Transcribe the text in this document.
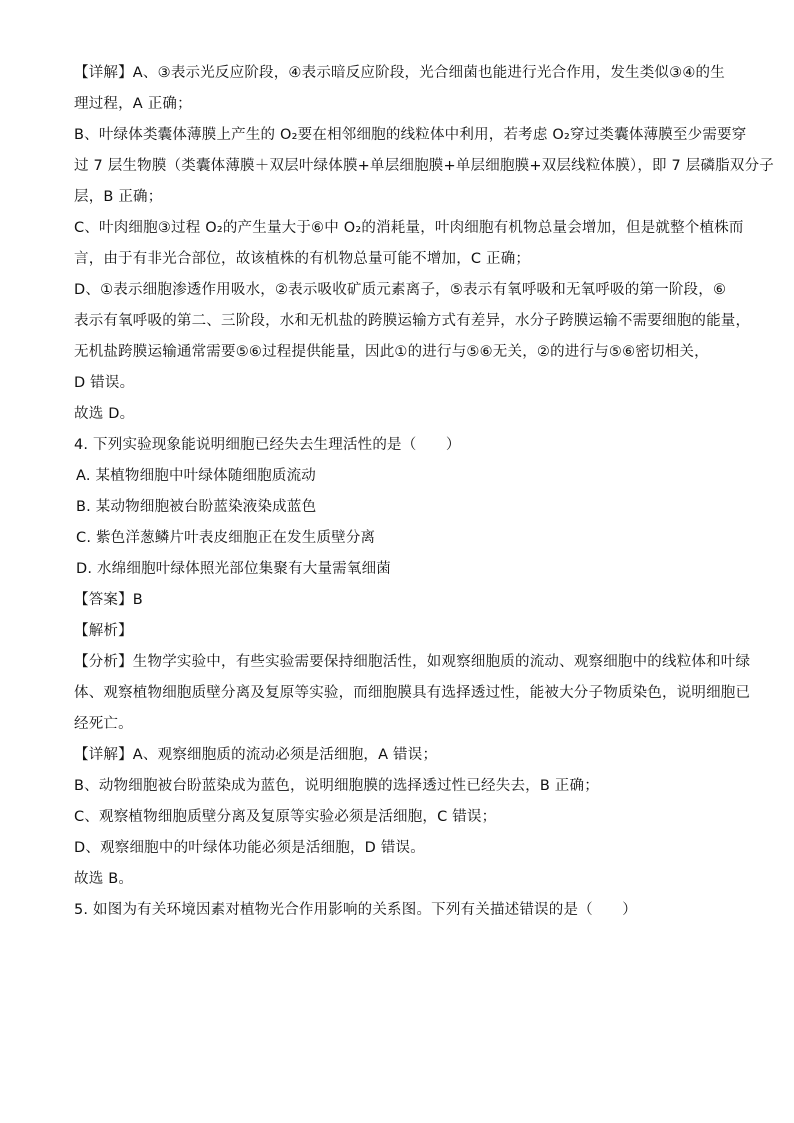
【详解】A、③表示光反应阶段，④表示暗反应阶段，光合细菌也能进行光合作用，发生类似③④的生
理过程，A 正确；
B、叶绿体类囊体薄膜上产生的 O₂要在相邻细胞的线粒体中利用，若考虑 O₂穿过类囊体薄膜至少需要穿
过 7 层生物膜（类囊体薄膜＋双层叶绿体膜+单层细胞膜+单层细胞膜+双层线粒体膜），即 7 层磷脂双分子
层，B 正确；
C、叶肉细胞③过程 O₂的产生量大于⑥中 O₂的消耗量，叶肉细胞有机物总量会增加，但是就整个植株而
言，由于有非光合部位，故该植株的有机物总量可能不增加，C 正确；
D、①表示细胞渗透作用吸水，②表示吸收矿质元素离子，⑤表示有氧呼吸和无氧呼吸的第一阶段，⑥
表示有氧呼吸的第二、三阶段，水和无机盐的跨膜运输方式有差异，水分子跨膜运输不需要细胞的能量，
无机盐跨膜运输通常需要⑤⑥过程提供能量，因此①的进行与⑤⑥无关，②的进行与⑤⑥密切相关，
D 错误。
故选 D。
4. 下列实验现象能说明细胞已经失去生理活性的是（　　）
A. 某植物细胞中叶绿体随细胞质流动
B. 某动物细胞被台盼蓝染液染成蓝色
C. 紫色洋葱鳞片叶表皮细胞正在发生质壁分离
D. 水绵细胞叶绿体照光部位集聚有大量需氧细菌
【答案】B
【解析】
【分析】生物学实验中，有些实验需要保持细胞活性，如观察细胞质的流动、观察细胞中的线粒体和叶绿
体、观察植物细胞质壁分离及复原等实验，而细胞膜具有选择透过性，能被大分子物质染色，说明细胞已
经死亡。
【详解】A、观察细胞质的流动必须是活细胞，A 错误；
B、动物细胞被台盼蓝染成为蓝色，说明细胞膜的选择透过性已经失去，B 正确；
C、观察植物细胞质壁分离及复原等实验必须是活细胞，C 错误；
D、观察细胞中的叶绿体功能必须是活细胞，D 错误。
故选 B。
5. 如图为有关环境因素对植物光合作用影响的关系图。下列有关描述错误的是（　　）
